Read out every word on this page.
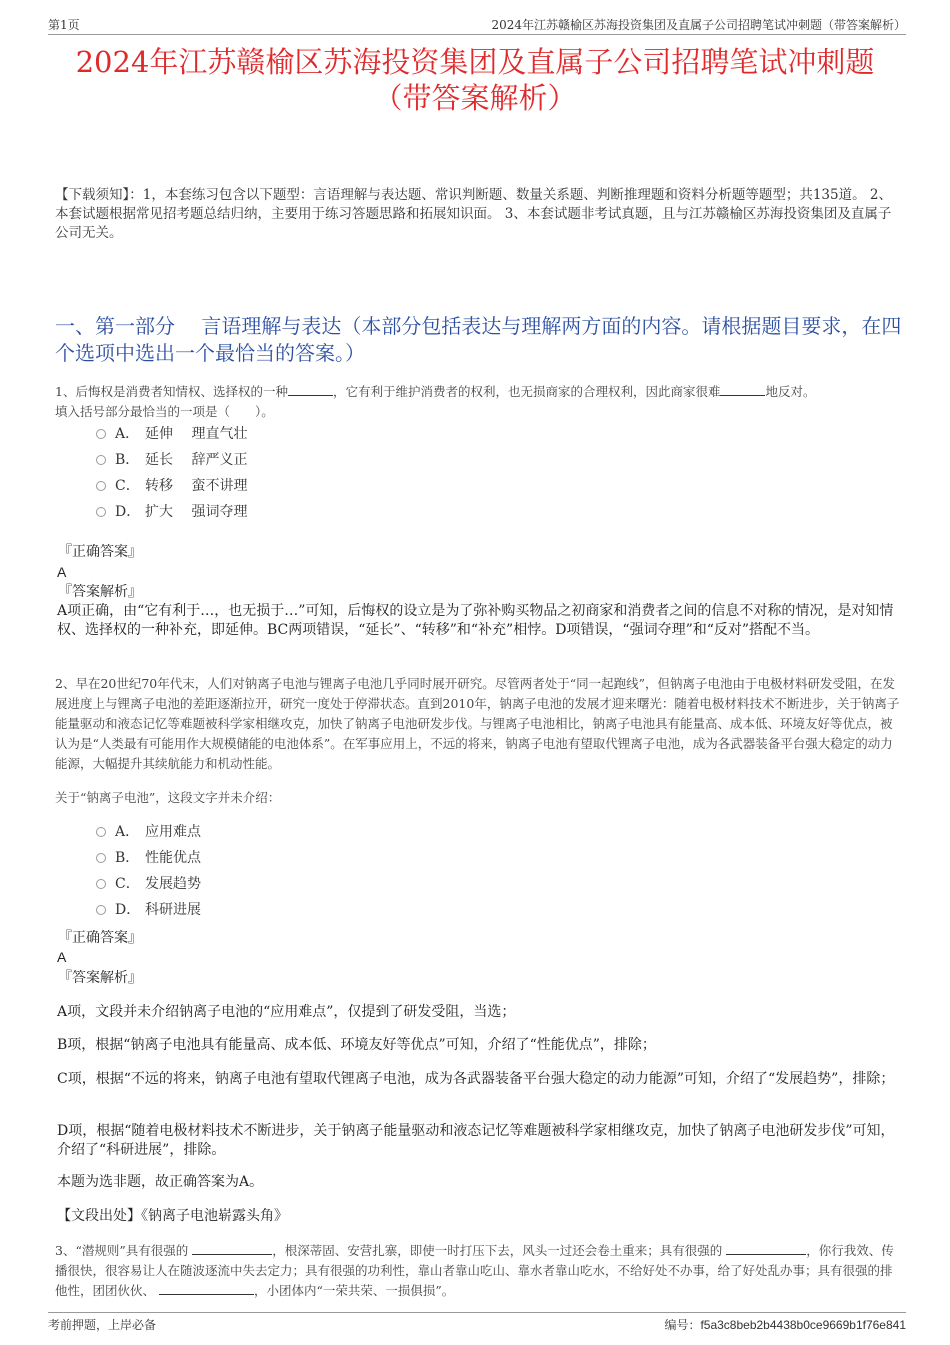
第1页	2024年江苏赣榆区苏海投资集团及直属子公司招聘笔试冲刺题（带答案解析）
2024年江苏赣榆区苏海投资集团及直属子公司招聘笔试冲刺题
（带答案解析）
【下载须知】：1，本套练习包含以下题型：言语理解与表达题、常识判断题、数量关系题、判断推理题和资料分析题等题型；共135道。 2、本套试题根据常见招考题总结归纳，主要用于练习答题思路和拓展知识面。 3、本套试题非考试真题，且与江苏赣榆区苏海投资集团及直属子公司无关。
一、第一部分　 言语理解与表达（本部分包括表达与理解两方面的内容。请根据题目要求，在四个选项中选出一个最恰当的答案。）
1、后悔权是消费者知情权、选择权的一种	，它有利于维护消费者的权利，也无损商家的合理权利，因此商家很难	地反对。
填入括号部分最恰当的一项是（　　）。
A． 延伸　 理直气壮
B． 延长　 辞严义正
C． 转移　 蛮不讲理
D． 扩大　 强词夺理
『正确答案』
A
『答案解析』
A项正确，由“它有利于…，也无损于…”可知，后悔权的设立是为了弥补购买物品之初商家和消费者之间的信息不对称的情况，是对知情权、选择权的一种补充，即延伸。BC两项错误，“延长”、“转移”和“补充”相悖。D项错误，“强词夺理”和“反对”搭配不当。
2、早在20世纪70年代末，人们对钠离子电池与锂离子电池几乎同时展开研究。尽管两者处于“同一起跑线”，但钠离子电池由于电极材料研发受阻，在发展进度上与锂离子电池的差距逐渐拉开，研究一度处于停滞状态。直到2010年，钠离子电池的发展才迎来曙光：随着电极材料技术不断进步，关于钠离子能量驱动和液态记忆等难题被科学家相继攻克，加快了钠离子电池研发步伐。与锂离子电池相比，钠离子电池具有能量高、成本低、环境友好等优点，被认为是“人类最有可能用作大规模储能的电池体系”。在军事应用上，不远的将来，钠离子电池有望取代锂离子电池，成为各武器装备平台强大稳定的动力能源，大幅提升其续航能力和机动性能。
关于“钠离子电池”，这段文字并未介绍：
A． 应用难点
B． 性能优点
C． 发展趋势
D． 科研进展
『正确答案』
A
『答案解析』
A项，文段并未介绍钠离子电池的“应用难点”，仅提到了研发受阻，当选；
B项，根据“钠离子电池具有能量高、成本低、环境友好等优点”可知，介绍了“性能优点”，排除；
C项，根据“不远的将来，钠离子电池有望取代锂离子电池，成为各武器装备平台强大稳定的动力能源”可知，介绍了“发展趋势”，排除；
D项，根据“随着电极材料技术不断进步，关于钠离子能量驱动和液态记忆等难题被科学家相继攻克，加快了钠离子电池研发步伐”可知，介绍了“科研进展”，排除。
本题为选非题，故正确答案为A。
【文段出处】《钠离子电池崭露头角》
3、“潜规则”具有很强的	，根深蒂固、安营扎寨，即使一时打压下去，风头一过还会卷土重来；具有很强的	，你行我效、传播很快，很容易让人在随波逐流中失去定力；具有很强的功利性，靠山者靠山吃山、靠水者靠山吃水，不给好处不办事，给了好处乱办事；具有很强的排他性，团团伙伙、	，小团体内“一荣共荣、一损俱损”。
考前押题，上岸必备	编号：f5a3c8beb2b4438b0ce9669b1f76e841
